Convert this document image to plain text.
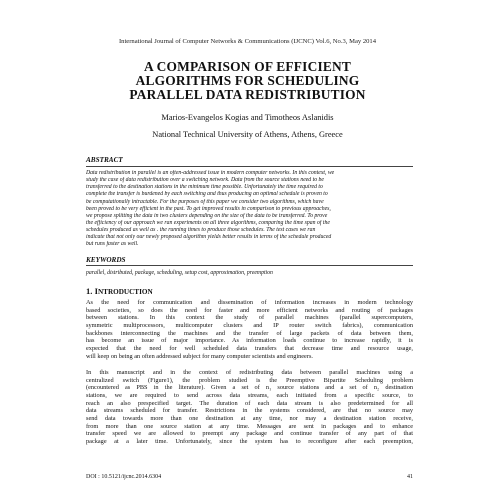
International Journal of Computer Networks & Communications (IJCNC) Vol.6, No.3, May 2014
A COMPARISON OF EFFICIENT
ALGORITHMS FOR SCHEDULING
PARALLEL DATA REDISTRIBUTION
Marios-Evangelos Kogias and Timotheos Aslanidis
National Technical University of Athens, Athens, Greece
ABSTRACT
Data redistribution in parallel is an often-addressed issue in modern computer networks. In this context, we
study the case of data redistribution over a switching network. Data from the source stations need to be
transferred to the destination stations in the minimum time possible. Unfortunately the time required to
complete the transfer is burdened by each switching and thus producing an optimal schedule is proven to
be computationally intractable. For the purposes of this paper we consider two algorithms, which have
been proved to be very efficient in the past. To get improved results in comparison to previous approaches,
we propose splitting the data in two clusters depending on the size of the data to be transferred. To prove
the efficiency of our approach we ran experiments on all three algorithms, comparing the time span of the
schedules produced as well as . the running times to produce those schedules. The test cases we ran
indicate that not only our newly proposed algorithm yields better results in terms of the schedule produced
but runs faster as well.
KEYWORDS
parallel, distributed, package, scheduling, setup cost, approximation, preemption
1. INTRODUCTION
As the need for communication and dissemination of information increases in modern technology
based societies, so does the need for faster and more efficient networks and routing of packages
between stations. In this context the study of parallel machines (parallel supercomputers,
symmetric multiprocessors, multicomputer clusters and IP router switch fabrics), communication
backbones interconnecting the machines and the transfer of large packets of data between them,
has become an issue of major importance. As information loads continue to increase rapidly, it is
expected that the need for well scheduled data transfers that decrease time and resource usage,
will keep on being an often addressed subject for many computer scientists and engineers.
In this manuscript and in the context of redistributing data between parallel machines using a
centralized switch (Figure1), the problem studied is the Preemptive Bipartite Scheduling problem
(encountered as PBS in the literature). Given a set of n₁ source stations and a set of n₂ destination
stations, we are required to send across data streams, each initiated from a specific source, to
reach an also prespecified target. The duration of each data stream is also predetermined for all
data streams scheduled for transfer. Restrictions in the systems considered, are that no source may
send data towards more than one destination at any time, nor may a destination station receive,
from more than one source station at any time. Messages are sent in packages and to enhance
transfer speed we are allowed to preempt any package and continue transfer of any part of that
package at a later time. Unfortunately, since the system has to reconfigure after each preemption,
DOI : 10.5121/ijcnc.2014.6304	41
